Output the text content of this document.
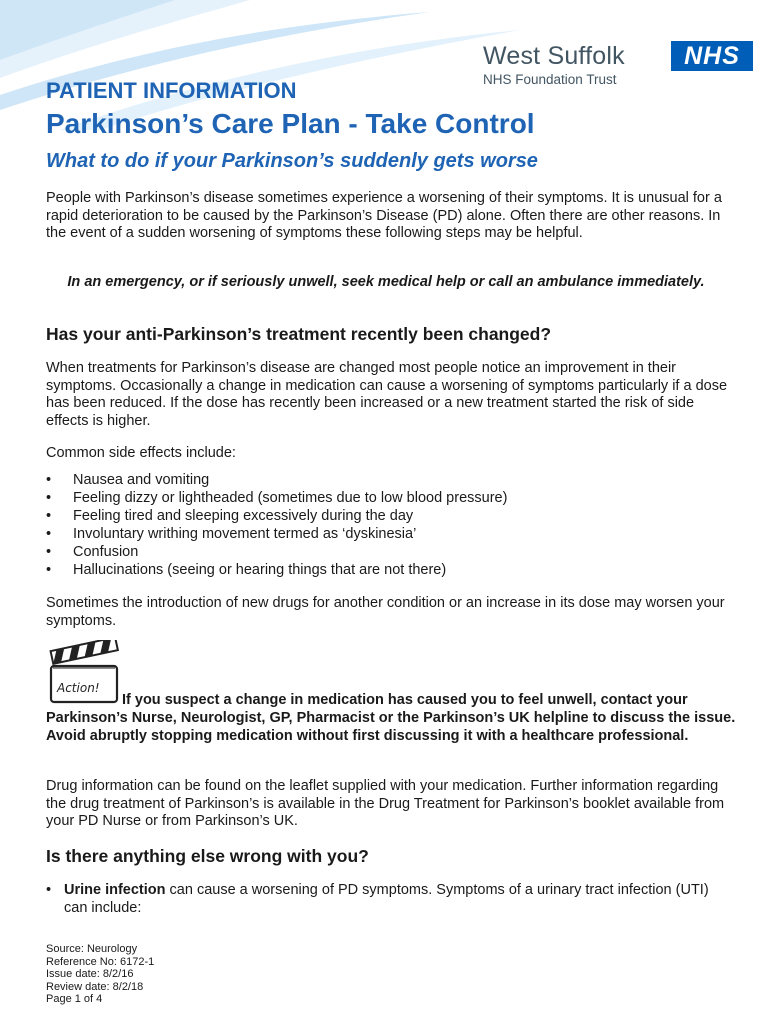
West Suffolk
NHS Foundation Trust
NHS
PATIENT INFORMATION
Parkinson’s Care Plan - Take Control
What to do if your Parkinson’s suddenly gets worse
People with Parkinson’s disease sometimes experience a worsening of their symptoms. It is unusual for a rapid deterioration to be caused by the Parkinson’s Disease (PD) alone. Often there are other reasons. In the event of a sudden worsening of symptoms these following steps may be helpful.
In an emergency, or if seriously unwell, seek medical help or call an ambulance immediately.
Has your anti-Parkinson’s treatment recently been changed?
When treatments for Parkinson’s disease are changed most people notice an improvement in their symptoms. Occasionally a change in medication can cause a worsening of symptoms particularly if a dose has been reduced. If the dose has recently been increased or a new treatment started the risk of side effects is higher.
Common side effects include:
• Nausea and vomiting
• Feeling dizzy or lightheaded (sometimes due to low blood pressure)
• Feeling tired and sleeping excessively during the day
• Involuntary writhing movement termed as ‘dyskinesia’
• Confusion
• Hallucinations (seeing or hearing things that are not there)
Sometimes the introduction of new drugs for another condition or an increase in its dose may worsen your symptoms.
Action!
If you suspect a change in medication has caused you to feel unwell, contact your Parkinson’s Nurse, Neurologist, GP, Pharmacist or the Parkinson’s UK helpline to discuss the issue. Avoid abruptly stopping medication without first discussing it with a healthcare professional.
Drug information can be found on the leaflet supplied with your medication. Further information regarding the drug treatment of Parkinson’s is available in the Drug Treatment for Parkinson’s booklet available from your PD Nurse or from Parkinson’s UK.
Is there anything else wrong with you?
• Urine infection can cause a worsening of PD symptoms. Symptoms of a urinary tract infection (UTI) can include:
Source: Neurology
Reference No: 6172-1
Issue date: 8/2/16
Review date: 8/2/18
Page 1 of 4
